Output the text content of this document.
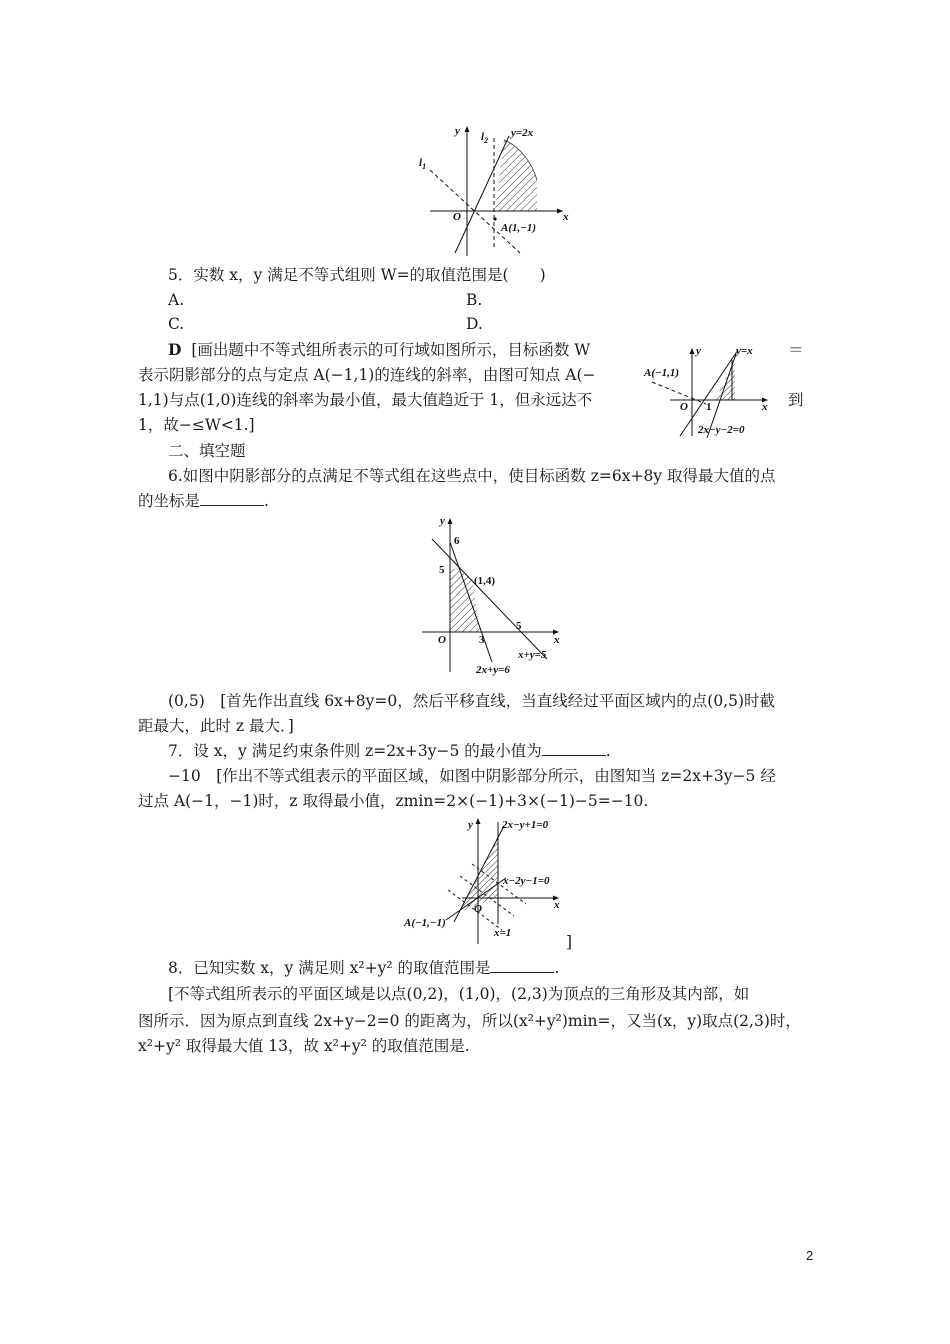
y $l_2$
y=2x
$l_1$
O	x
A(1,−1)
5．实数 x，y 满足不等式组则 W=的取值范围是(　　)
A.	B.
C.	D.
D [画出题中不等式组所表示的可行域如图所示，目标函数 W	＝
表示阴影部分的点与定点 A(−1,1)的连线的斜率，由图可知点 A(−
到
1,1)与点(1,0)连线的斜率为最小值，最大值趋近于 1，但永远达不
1，故−≤W<1.]
y	y=x
A(−1,1)
O 1	x
2x−y−2=0
二、填空题
6.如图中阴影部分的点满足不等式组在这些点中，使目标函数 z=6x+8y 取得最大值的点
的坐标是	.
y
6
5
(1,4)
O	3
5
x
x+y=5
2x+y=6
(0,5)　[首先作出直线 6x+8y=0，然后平移直线，当直线经过平面区域内的点(0,5)时截
距最大，此时 z 最大．]
7．设 x，y 满足约束条件则 z=2x+3y−5 的最小值为	.
−10　[作出不等式组表示的平面区域，如图中阴影部分所示，由图知当 z=2x+3y−5 经
过点 A(−1，−1)时，z 取得最小值，zmin=2×(−1)+3×(−1)−5=−10.
y	2x−y+1=0
x−2y−1=0
O	x
A(−1,−1)
x=1	]
8．已知实数 x，y 满足则 x²+y² 的取值范围是	.
[不等式组所表示的平面区域是以点(0,2)，(1,0)，(2,3)为顶点的三角形及其内部，如
图所示．因为原点到直线 2x+y−2=0 的距离为，所以(x²+y²)min=，又当(x，y)取点(2,3)时，
x²+y² 取得最大值 13，故 x²+y² 的取值范围是.
2
